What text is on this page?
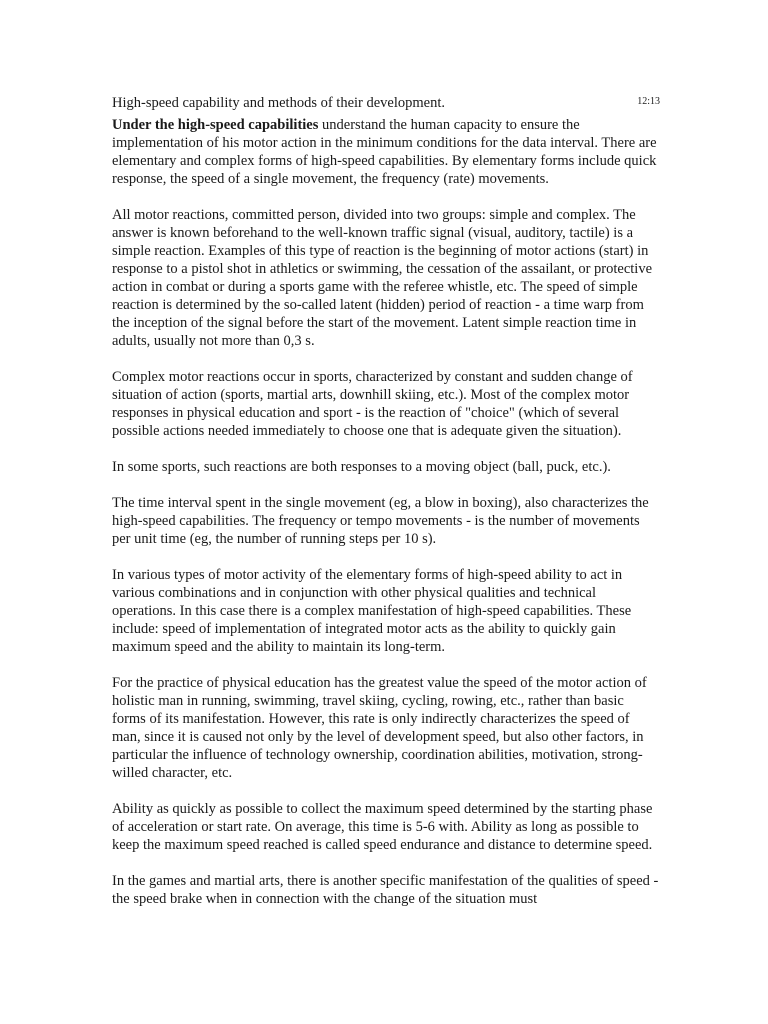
High-speed capability and methods of their development.	12:13

Under the high-speed capabilities understand the human capacity to ensure the implementation of his motor action in the minimum conditions for the data interval. There are elementary and complex forms of high-speed capabilities. By elementary forms include quick response, the speed of a single movement, the frequency (rate) movements.

All motor reactions, committed person, divided into two groups: simple and complex. The answer is known beforehand to the well-known traffic signal (visual, auditory, tactile) is a simple reaction. Examples of this type of reaction is the beginning of motor actions (start) in response to a pistol shot in athletics or swimming, the cessation of the assailant, or protective action in combat or during a sports game with the referee whistle, etc. The speed of simple reaction is determined by the so-called latent (hidden) period of reaction - a time warp from the inception of the signal before the start of the movement. Latent simple reaction time in adults, usually not more than 0,3 s.

Complex motor reactions occur in sports, characterized by constant and sudden change of situation of action (sports, martial arts, downhill skiing, etc.). Most of the complex motor responses in physical education and sport - is the reaction of "choice" (which of several possible actions needed immediately to choose one that is adequate given the situation).

In some sports, such reactions are both responses to a moving object (ball, puck, etc.).

The time interval spent in the single movement (eg, a blow in boxing), also characterizes the high-speed capabilities. The frequency or tempo movements - is the number of movements per unit time (eg, the number of running steps per 10 s).

In various types of motor activity of the elementary forms of high-speed ability to act in various combinations and in conjunction with other physical qualities and technical operations. In this case there is a complex manifestation of high-speed capabilities. These include: speed of implementation of integrated motor acts as the ability to quickly gain maximum speed and the ability to maintain its long-term.

For the practice of physical education has the greatest value the speed of the motor action of holistic man in running, swimming, travel skiing, cycling, rowing, etc., rather than basic forms of its manifestation. However, this rate is only indirectly characterizes the speed of man, since it is caused not only by the level of development speed, but also other factors, in particular the influence of technology ownership, coordination abilities, motivation, strong-willed character, etc.

Ability as quickly as possible to collect the maximum speed determined by the starting phase of acceleration or start rate. On average, this time is 5-6 with. Ability as long as possible to keep the maximum speed reached is called speed endurance and distance to determine speed.

In the games and martial arts, there is another specific manifestation of the qualities of speed - the speed brake when in connection with the change of the situation must
